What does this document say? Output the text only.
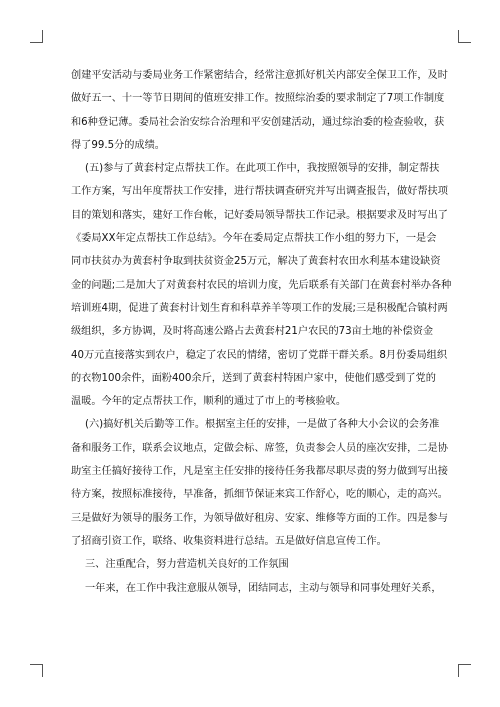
创建平安活动与委局业务工作紧密结合，经常注意抓好机关内部安全保卫工作，及时
做好五一、十一等节日期间的值班安排工作。按照综治委的要求制定了7项工作制度
和6种登记薄。委局社会治安综合治理和平安创建活动，通过综治委的检查验收，获
得了99.5分的成绩。
(五)参与了黄套村定点帮扶工作。在此项工作中，我按照领导的安排，制定帮扶
工作方案，写出年度帮扶工作安排，进行帮扶调查研究并写出调查报告，做好帮扶项
目的策划和落实，建好工作台帐，记好委局领导帮扶工作记录。根据要求及时写出了
《委局XX年定点帮扶工作总结》。今年在委局定点帮扶工作小组的努力下，一是会
同市扶贫办为黄套村争取到扶贫资金25万元，解决了黄套村农田水利基本建设缺资
金的问题;二是加大了对黄套村农民的培训力度，先后联系有关部门在黄套村举办各种
培训班4期，促进了黄套村计划生育和科草养羊等项工作的发展;三是积极配合镇村两
级组织，多方协调，及时将高速公路占去黄套村21户农民的73亩土地的补偿资金
40万元直接落实到农户，稳定了农民的情绪，密切了党群干群关系。8月份委局组织
的衣物100余件，面粉400余斤，送到了黄套村特困户家中，使他们感受到了党的
温暖。今年的定点帮扶工作，顺利的通过了市上的考核验收。
(六)搞好机关后勤等工作。根据室主任的安排，一是做了各种大小会议的会务准
备和服务工作，联系会议地点，定做会标、席签，负责参会人员的座次安排，二是协
助室主任搞好接待工作，凡是室主任安排的接待任务我都尽职尽责的努力做到写出接
待方案，按照标准接待，早准备，抓细节保证来宾工作舒心，吃的顺心，走的高兴。
三是做好为领导的服务工作，为领导做好租房、安家、维修等方面的工作。四是参与
了招商引资工作，联络、收集资料进行总结。五是做好信息宣传工作。
三、注重配合，努力营造机关良好的工作氛围
一年来，在工作中我注意服从领导，团结同志，主动与领导和同事处理好关系，
